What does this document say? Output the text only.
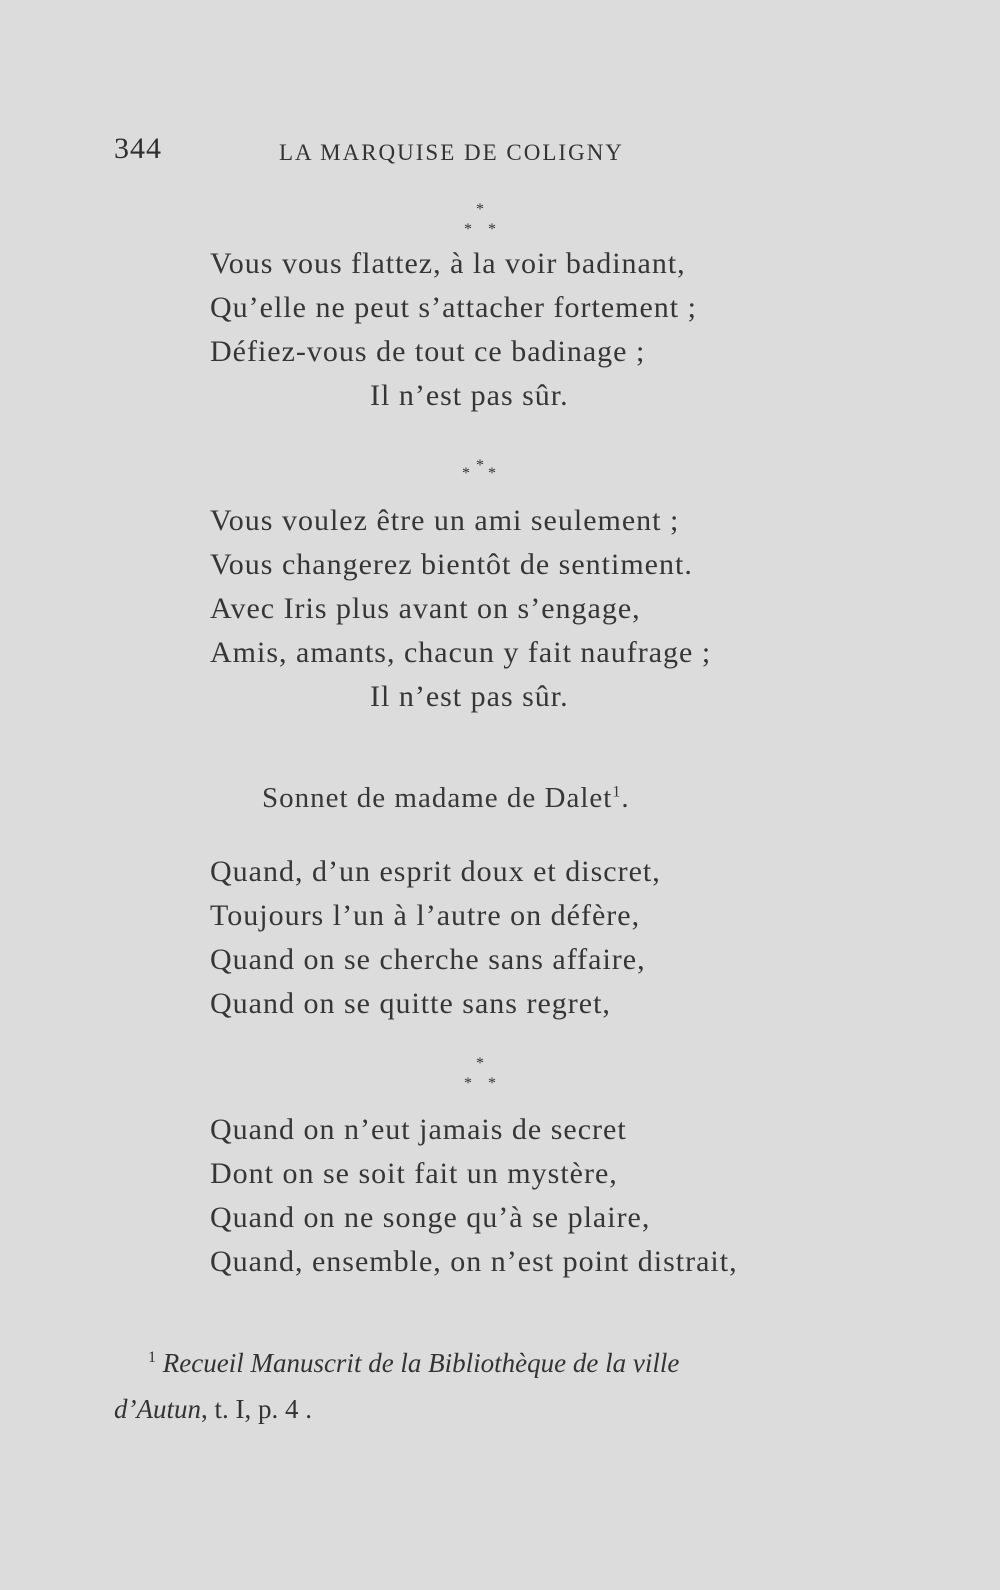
344	LA MARQUISE DE COLIGNY
*
* *
Vous vous flattez, à la voir badinant,
Qu’elle ne peut s’attacher fortement ;
Défiez-vous de tout ce badinage ;
Il n’est pas sûr.
*
* *
Vous voulez être un ami seulement ;
Vous changerez bientôt de sentiment.
Avec Iris plus avant on s’engage,
Amis, amants, chacun y fait naufrage ;
Il n’est pas sûr.
Sonnet de madame de Dalet$^1$.
Quand, d’un esprit doux et discret,
Toujours l’un à l’autre on défère,
Quand on se cherche sans affaire,
Quand on se quitte sans regret,
*
* *
Quand on n’eut jamais de secret
Dont on se soit fait un mystère,
Quand on ne songe qu’à se plaire,
Quand, ensemble, on n’est point distrait,
$^1$ Recueil Manuscrit de la Bibliothèque de la ville
d’Autun, t. I, p. 4 .
